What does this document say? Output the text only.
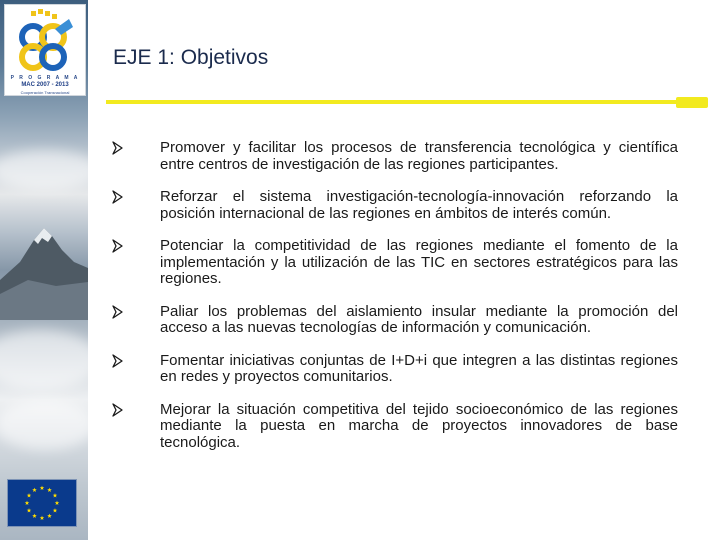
P R O G R A M A
MAC 2007 - 2013
Cooperación Transnacional
EJE 1: Objetivos
Promover y facilitar los procesos de transferencia tecnológica y científica entre centros de investigación de las regiones participantes.
Reforzar el sistema investigación-tecnología-innovación reforzando la posición internacional de las regiones en ámbitos de interés común.
Potenciar la competitividad de las regiones mediante el fomento de la implementación y la utilización de las TIC en sectores estratégicos para las regiones.
Paliar los problemas del aislamiento insular mediante la promoción del acceso a las nuevas tecnologías de información y comunicación.
Fomentar iniciativas conjuntas de I+D+i que integren a las distintas regiones en redes y proyectos comunitarios.
Mejorar la situación competitiva del tejido socioeconómico de las regiones mediante la puesta en marcha de proyectos innovadores de base tecnológica.
